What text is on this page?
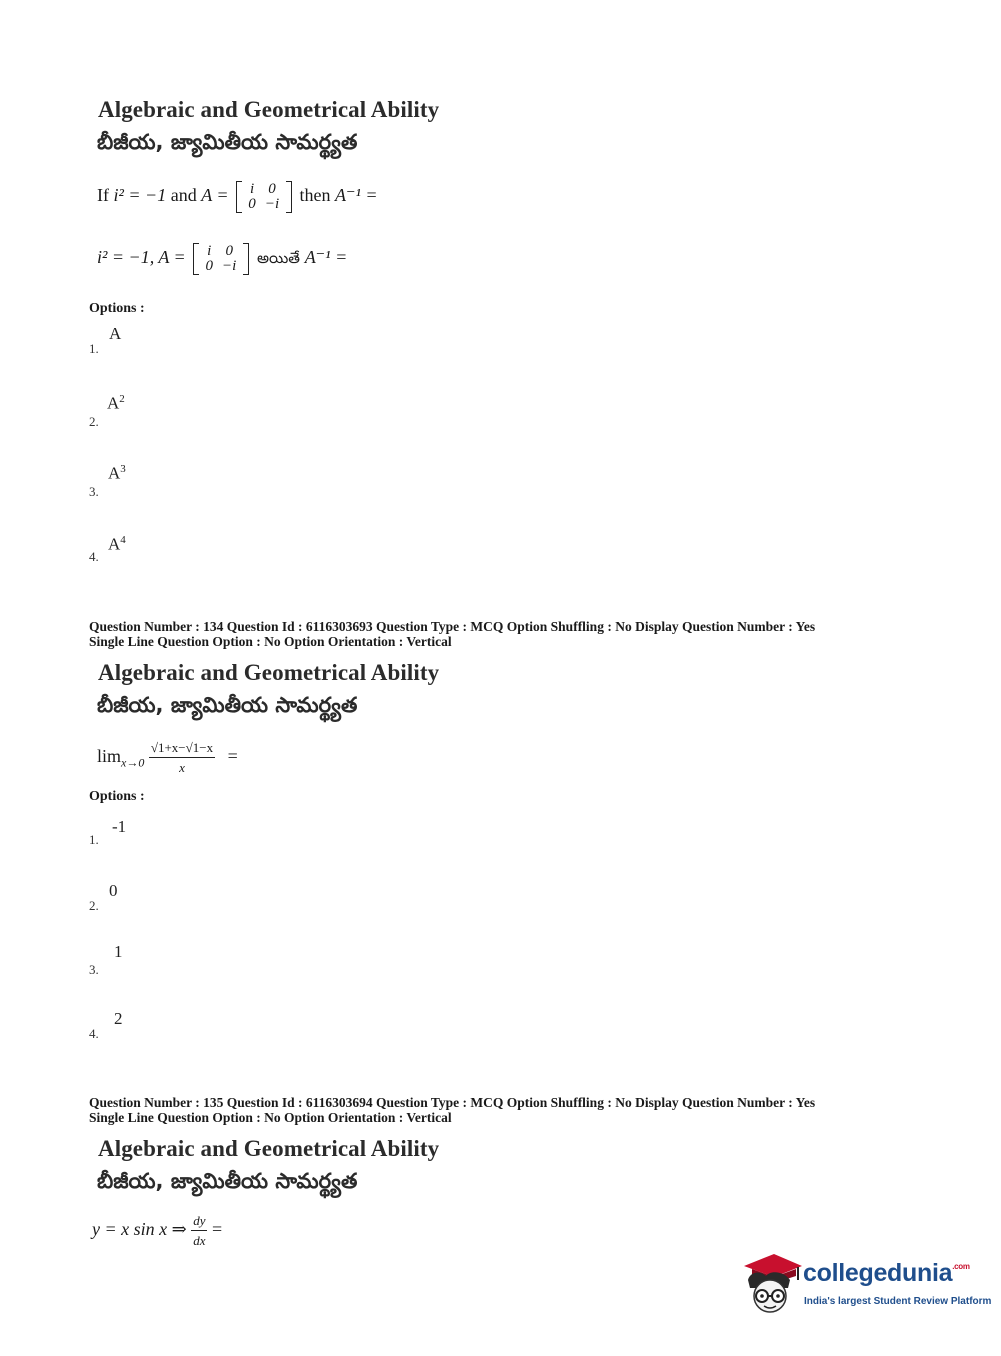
Algebraic and Geometrical Ability
బీజీయ, జ్యామితీయ సామర్థ్యత
If i² = −1 and A =	i 0
0 −i then A⁻¹ =
i² = −1, A =	i 0
0 −i	అయితే A⁻¹ =
Options :
1.
A
2.
$A^2$
3.
$A^3$
4.
$A^4$
Question Number : 134 Question Id : 6116303693 Question Type : MCQ Option Shuffling : No Display Question Number : Yes
Single Line Question Option : No Option Orientation : Vertical
Algebraic and Geometrical Ability
బీజీయ, జ్యామితీయ సామర్థ్యత
$\lim_{x\to 0} \frac{√1+x-√1-x}{x}$ =
Options :
1.
-1
2.
0
3.
1
4.
2
Question Number : 135 Question Id : 6116303694 Question Type : MCQ Option Shuffling : No Display Question Number : Yes
Single Line Question Option : No Option Orientation : Vertical
Algebraic and Geometrical Ability
బీజీయ, జ్యామితీయ సామర్థ్యత
y = x sin x ⇒ $\frac{dy}{dx}$ =
collegedunia$^{.com}$
India's largest Student Review Platform
